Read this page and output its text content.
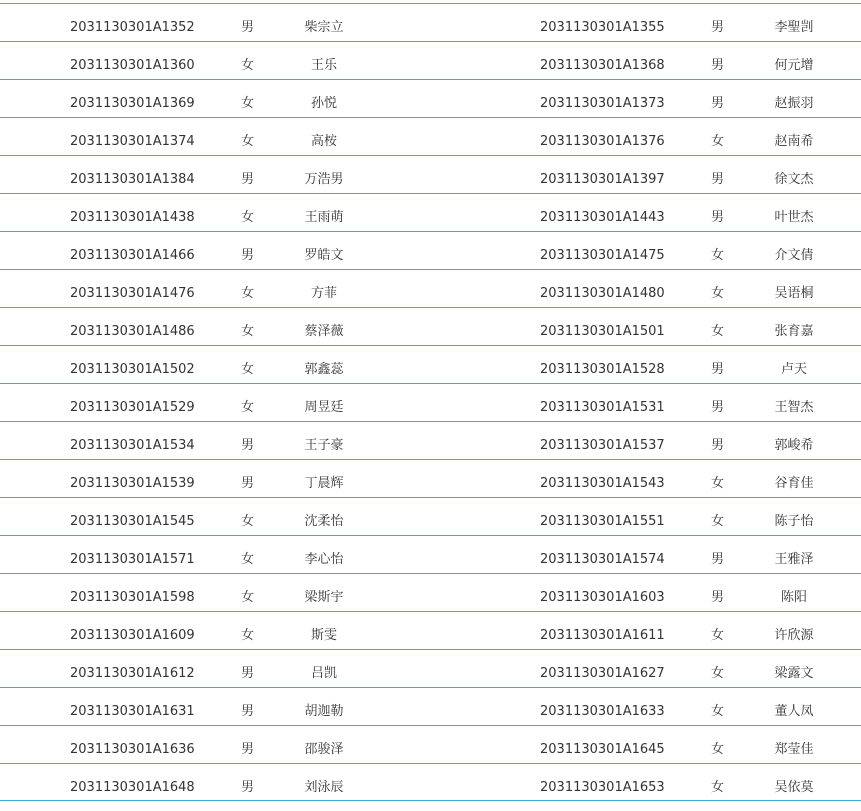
2031130301A1352	男	柴宗立	2031130301A1355	男	李聖剀
2031130301A1360	女	王乐	2031130301A1368	男	何元增
2031130301A1369	女	孙悦	2031130301A1373	男	赵振羽
2031130301A1374	女	高桉	2031130301A1376	女	赵南希
2031130301A1384	男	万浩男	2031130301A1397	男	徐文杰
2031130301A1438	女	王雨萌	2031130301A1443	男	叶世杰
2031130301A1466	男	罗皓文	2031130301A1475	女	介文倩
2031130301A1476	女	方菲	2031130301A1480	女	吴语桐
2031130301A1486	女	蔡泽薇	2031130301A1501	女	张育嘉
2031130301A1502	女	郭鑫蕊	2031130301A1528	男	卢天
2031130301A1529	女	周昱廷	2031130301A1531	男	王智杰
2031130301A1534	男	王子豪	2031130301A1537	男	郭峻希
2031130301A1539	男	丁晨辉	2031130301A1543	女	谷育佳
2031130301A1545	女	沈柔怡	2031130301A1551	女	陈子怡
2031130301A1571	女	李心怡	2031130301A1574	男	王雅泽
2031130301A1598	女	梁斯宇	2031130301A1603	男	陈阳
2031130301A1609	女	斯雯	2031130301A1611	女	许欣源
2031130301A1612	男	吕凯	2031130301A1627	女	梁露文
2031130301A1631	男	胡迦勒	2031130301A1633	女	董人凤
2031130301A1636	男	邵骏泽	2031130301A1645	女	郑莹佳
2031130301A1648	男	刘泳辰	2031130301A1653	女	吴依莫
